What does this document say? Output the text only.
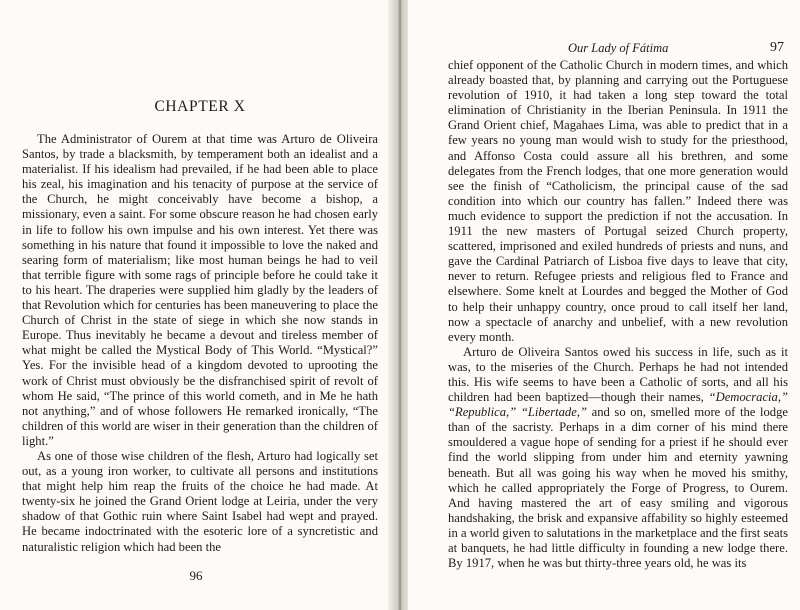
CHAPTER X

The Administrator of Ourem at that time was Arturo de Oliveira Santos, by trade a blacksmith, by temperament both an idealist and a materialist. If his idealism had prevailed, if he had been able to place his zeal, his imagination and his tenacity of purpose at the service of the Church, he might conceivably have become a bishop, a missionary, even a saint. For some obscure reason he had chosen early in life to follow his own impulse and his own interest. Yet there was something in his nature that found it impossible to love the naked and searing form of materialism; like most human beings he had to veil that terrible figure with some rags of principle before he could take it to his heart. The draperies were supplied him gladly by the leaders of that Revolution which for centuries has been maneuvering to place the Church of Christ in the state of siege in which she now stands in Europe. Thus inevitably he became a devout and tireless member of what might be called the Mystical Body of This World. “Mystical?” Yes. For the invisible head of a kingdom devoted to uprooting the work of Christ must obviously be the disfranchised spirit of revolt of whom He said, “The prince of this world cometh, and in Me he hath not anything,” and of whose followers He remarked ironically, “The children of this world are wiser in their generation than the children of light.”

As one of those wise children of the flesh, Arturo had logically set out, as a young iron worker, to cultivate all persons and institutions that might help him reap the fruits of the choice he had made. At twenty-six he joined the Grand Orient lodge at Leiria, under the very shadow of that Gothic ruin where Saint Isabel had wept and prayed. He became indoctrinated with the esoteric lore of a syncretistic and naturalistic religion which had been the

96
Our Lady of Fátima	97

chief opponent of the Catholic Church in modern times, and which already boasted that, by planning and carrying out the Portuguese revolution of 1910, it had taken a long step toward the total elimination of Christianity in the Iberian Peninsula. In 1911 the Grand Orient chief, Magahaes Lima, was able to predict that in a few years no young man would wish to study for the priesthood, and Affonso Costa could assure all his brethren, and some delegates from the French lodges, that one more generation would see the finish of “Catholicism, the principal cause of the sad condition into which our country has fallen.” Indeed there was much evidence to support the prediction if not the accusation. In 1911 the new masters of Portugal seized Church property, scattered, imprisoned and exiled hundreds of priests and nuns, and gave the Cardinal Patriarch of Lisboa five days to leave that city, never to return. Refugee priests and religious fled to France and elsewhere. Some knelt at Lourdes and begged the Mother of God to help their unhappy country, once proud to call itself her land, now a spectacle of anarchy and unbelief, with a new revolution every month.

Arturo de Oliveira Santos owed his success in life, such as it was, to the miseries of the Church. Perhaps he had not intended this. His wife seems to have been a Catholic of sorts, and all his children had been baptized—though their names, “Democracia,” “Republica,” “Libertade,” and so on, smelled more of the lodge than of the sacristy. Perhaps in a dim corner of his mind there smouldered a vague hope of sending for a priest if he should ever find the world slipping from under him and eternity yawning beneath. But all was going his way when he moved his smithy, which he called appropriately the Forge of Progress, to Ourem. And having mastered the art of easy smiling and vigorous handshaking, the brisk and expansive affability so highly esteemed in a world given to salutations in the marketplace and the first seats at banquets, he had little difficulty in founding a new lodge there. By 1917, when he was but thirty-three years old, he was its
